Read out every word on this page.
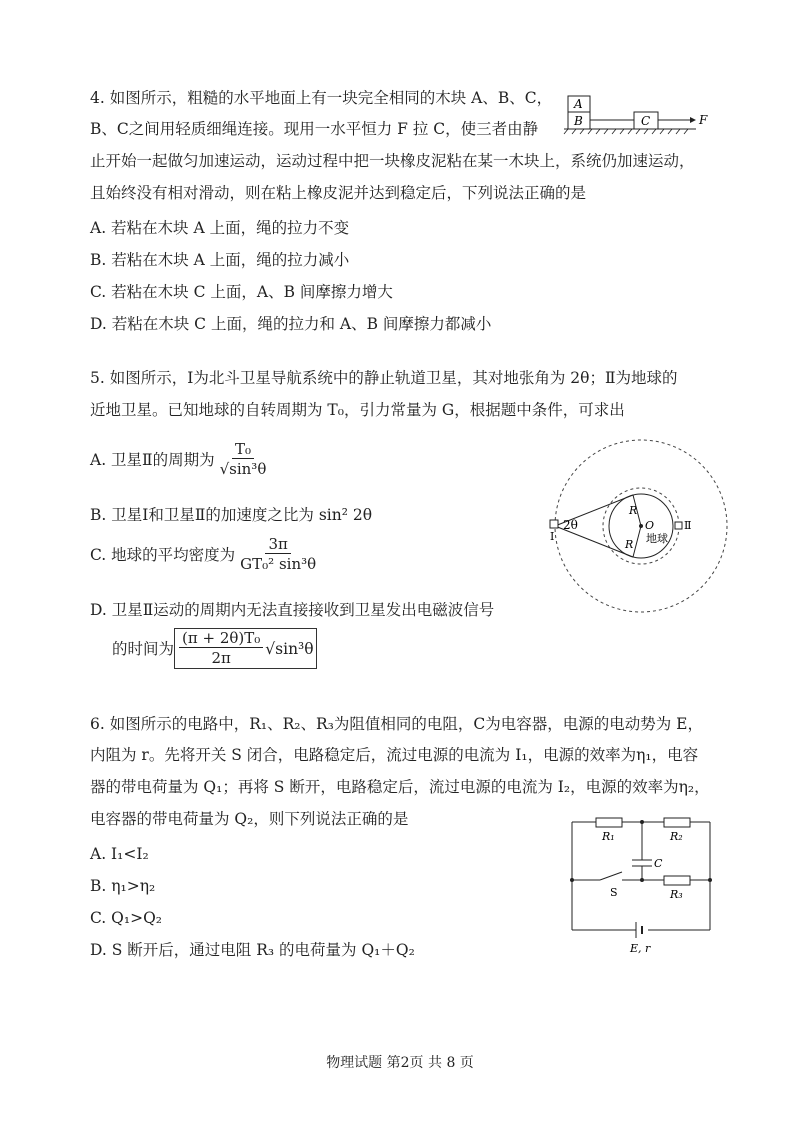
4. 如图所示，粗糙的水平地面上有一块完全相同的木块 A、B、C，
B、C之间用轻质细绳连接。现用一水平恒力 F 拉 C，使三者由静
止开始一起做匀加速运动，运动过程中把一块橡皮泥粘在某一木块上，系统仍加速运动，
且始终没有相对滑动，则在粘上橡皮泥并达到稳定后，下列说法正确的是
A. 若粘在木块 A 上面，绳的拉力不变
B. 若粘在木块 A 上面，绳的拉力减小
C. 若粘在木块 C 上面，A、B 间摩擦力增大
D. 若粘在木块 C 上面，绳的拉力和 A、B 间摩擦力都减小
A
B	C	F
5. 如图所示，Ⅰ为北斗卫星导航系统中的静止轨道卫星，其对地张角为 2θ；Ⅱ为地球的
近地卫星。已知地球的自转周期为 T₀，引力常量为 G，根据题中条件，可求出
A. 卫星Ⅱ的周期为 $\frac{\text{T₀}}{\text{√sin³θ}}$
B. 卫星Ⅰ和卫星Ⅱ的加速度之比为 sin² 2θ
C. 地球的平均密度为 $\frac{3\pi}{\text{GT₀² sin³θ}}$
D. 卫星Ⅱ运动的周期内无法直接接收到卫星发出电磁波信号
的时间为 $\frac{\text{(π + 2θ)T₀}}{2\pi} √\sin^3\theta$
2θ
R
R
O
地球
Ⅰ
Ⅱ
6. 如图所示的电路中，R₁、R₂、R₃为阻值相同的电阻，C为电容器，电源的电动势为 E，
内阻为 r。先将开关 S 闭合，电路稳定后，流过电源的电流为 I₁，电源的效率为η₁，电容
器的带电荷量为 Q₁；再将 S 断开，电路稳定后，流过电源的电流为 I₂，电源的效率为η₂，
电容器的带电荷量为 Q₂，则下列说法正确的是
A. I₁<I₂
B. η₁>η₂
C. Q₁>Q₂
D. S 断开后，通过电阻 R₃ 的电荷量为 Q₁＋Q₂
R₁	R₂
R₃
C
S
E, r
物理试题 第2页 共 8 页
